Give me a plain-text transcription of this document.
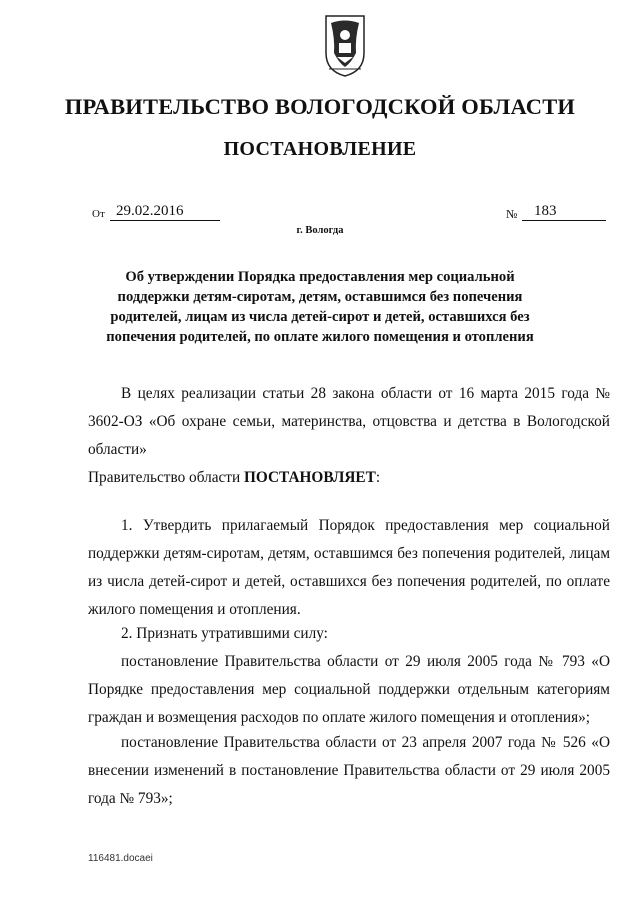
ПРАВИТЕЛЬСТВО ВОЛОГОДСКОЙ ОБЛАСТИ
ПОСТАНОВЛЕНИЕ
От 29.02.2016	№	183
г. Вологда
Об утверждении Порядка предоставления мер социальной поддержки детям-сиротам, детям, оставшимся без попечения родителей, лицам из числа детей-сирот и детей, оставшихся без попечения родителей, по оплате жилого помещения и отопления

В целях реализации статьи 28 закона области от 16 марта 2015 года № 3602-ОЗ «Об охране семьи, материнства, отцовства и детства в Вологодской области»

Правительство области ПОСТАНОВЛЯЕТ:

1. Утвердить прилагаемый Порядок предоставления мер социальной поддержки детям-сиротам, детям, оставшимся без попечения родителей, лицам из числа детей-сирот и детей, оставшихся без попечения родителей, по оплате жилого помещения и отопления.

2. Признать утратившими силу:

постановление Правительства области от 29 июля 2005 года № 793 «О Порядке предоставления мер социальной поддержки отдельным категориям граждан и возмещения расходов по оплате жилого помещения и отопления»;

постановление Правительства области от 23 апреля 2007 года № 526 «О внесении изменений в постановление Правительства области от 29 июля 2005 года № 793»;

116481.docaei
